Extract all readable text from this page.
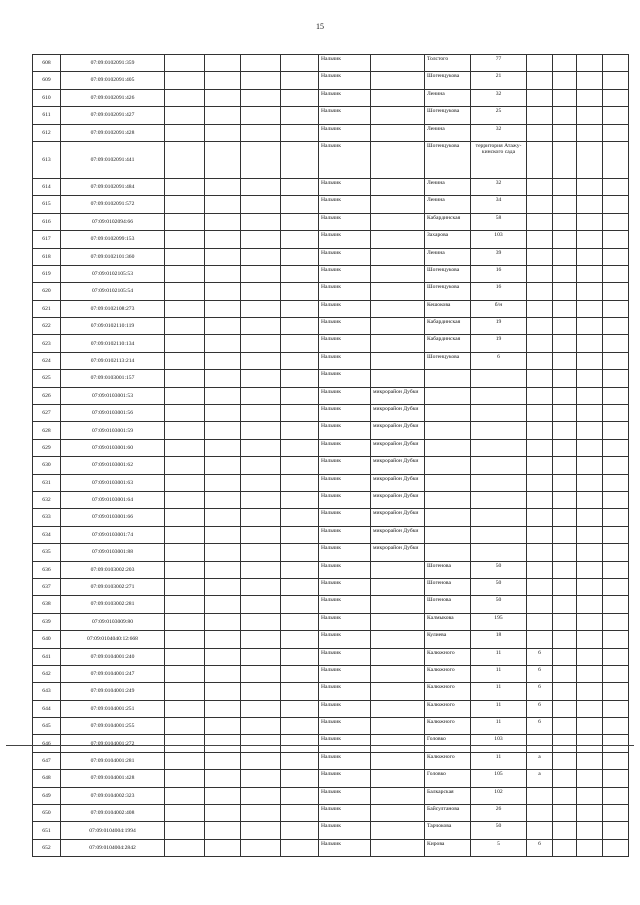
15
608	07:09:0102091:359					Нальчик		Толстого	77				
609	07:09:0102091:405					Нальчик		Шогенцукова	21				
610	07:09:0102091:426					Нальчик		Ленина	32				
611	07:09:0102091:427					Нальчик		Шогенцукова	25				
612	07:09:0102091:428					Нальчик		Ленина	32				
613	07:09:0102091:441					Нальчик		Шогенцукова	территория Атажу-кинского сада				
614	07:09:0102091:484					Нальчик		Ленина	32				
615	07:09:0102091:572					Нальчик		Ленина	34				
616	07:09:0102094:66					Нальчик		Кабардинская	58				
617	07:09:0102099:153					Нальчик		Захарова	103				
618	07:09:0102101:360					Нальчик		Ленина	39				
619	07:09:0102105:53					Нальчик		Шогенцукова	16				
620	07:09:0102105:54					Нальчик		Шогенцукова	16				
621	07:09:0102108:273					Нальчик		Кешокова	б/н				
622	07:09:0102110:119					Нальчик		Кабардинская	19				
623	07:09:0102110:134					Нальчик		Кабардинская	19				
624	07:09:0102113:214					Нальчик		Шогенцукова	6				
625	07:09:0103001:157					Нальчик							
626	07:09:0103001:53					Нальчик	микрорайон Дубки						
627	07:09:0103001:56					Нальчик	микрорайон Дубки						
628	07:09:0103001:59					Нальчик	микрорайон Дубки						
629	07:09:0103001:60					Нальчик	микрорайон Дубки						
630	07:09:0103001:62					Нальчик	микрорайон Дубки						
631	07:09:0103001:63					Нальчик	микрорайон Дубки						
632	07:09:0103001:64					Нальчик	микрорайон Дубки						
633	07:09:0103001:66					Нальчик	микрорайон Дубки						
634	07:09:0103001:74					Нальчик	микрорайон Дубки						
635	07:09:0103001:88					Нальчик	микрорайон Дубки						
636	07:09:0103002:203					Нальчик		Шогенова	50				
637	07:09:0103002:271					Нальчик		Шогенова	50				
638	07:09:0103002:281					Нальчик		Шогенова	50				
639	07:09:0103009:80					Нальчик		Калмыкова	195				
640	07:09:0104040:12:668					Нальчик		Кулиева	18				
641	07:09:0104001:240					Нальчик		Калюжного	11	6			
642	07:09:0104001:247					Нальчик		Калюжного	11	6			
643	07:09:0104001:249					Нальчик		Калюжного	11	6			
644	07:09:0104001:251					Нальчик		Калюжного	11	6			
645	07:09:0104001:255					Нальчик		Калюжного	11	6			
646	07:09:0104001:272					Нальчик		Головко	103				
647	07:09:0104001:281					Нальчик		Калюжного	11	а			
648	07:09:0104001:428					Нальчик		Головко	105	а			
649	07:09:0104002:323					Нальчик		Балкарская	102				
650	07:09:0104002:408					Нальчик		Байсултанова	26				
651	07:09:0104004:1994					Нальчик		Тарчокова	50				
652	07:09:0104004:2842					Нальчик		Кирова	5	6			
